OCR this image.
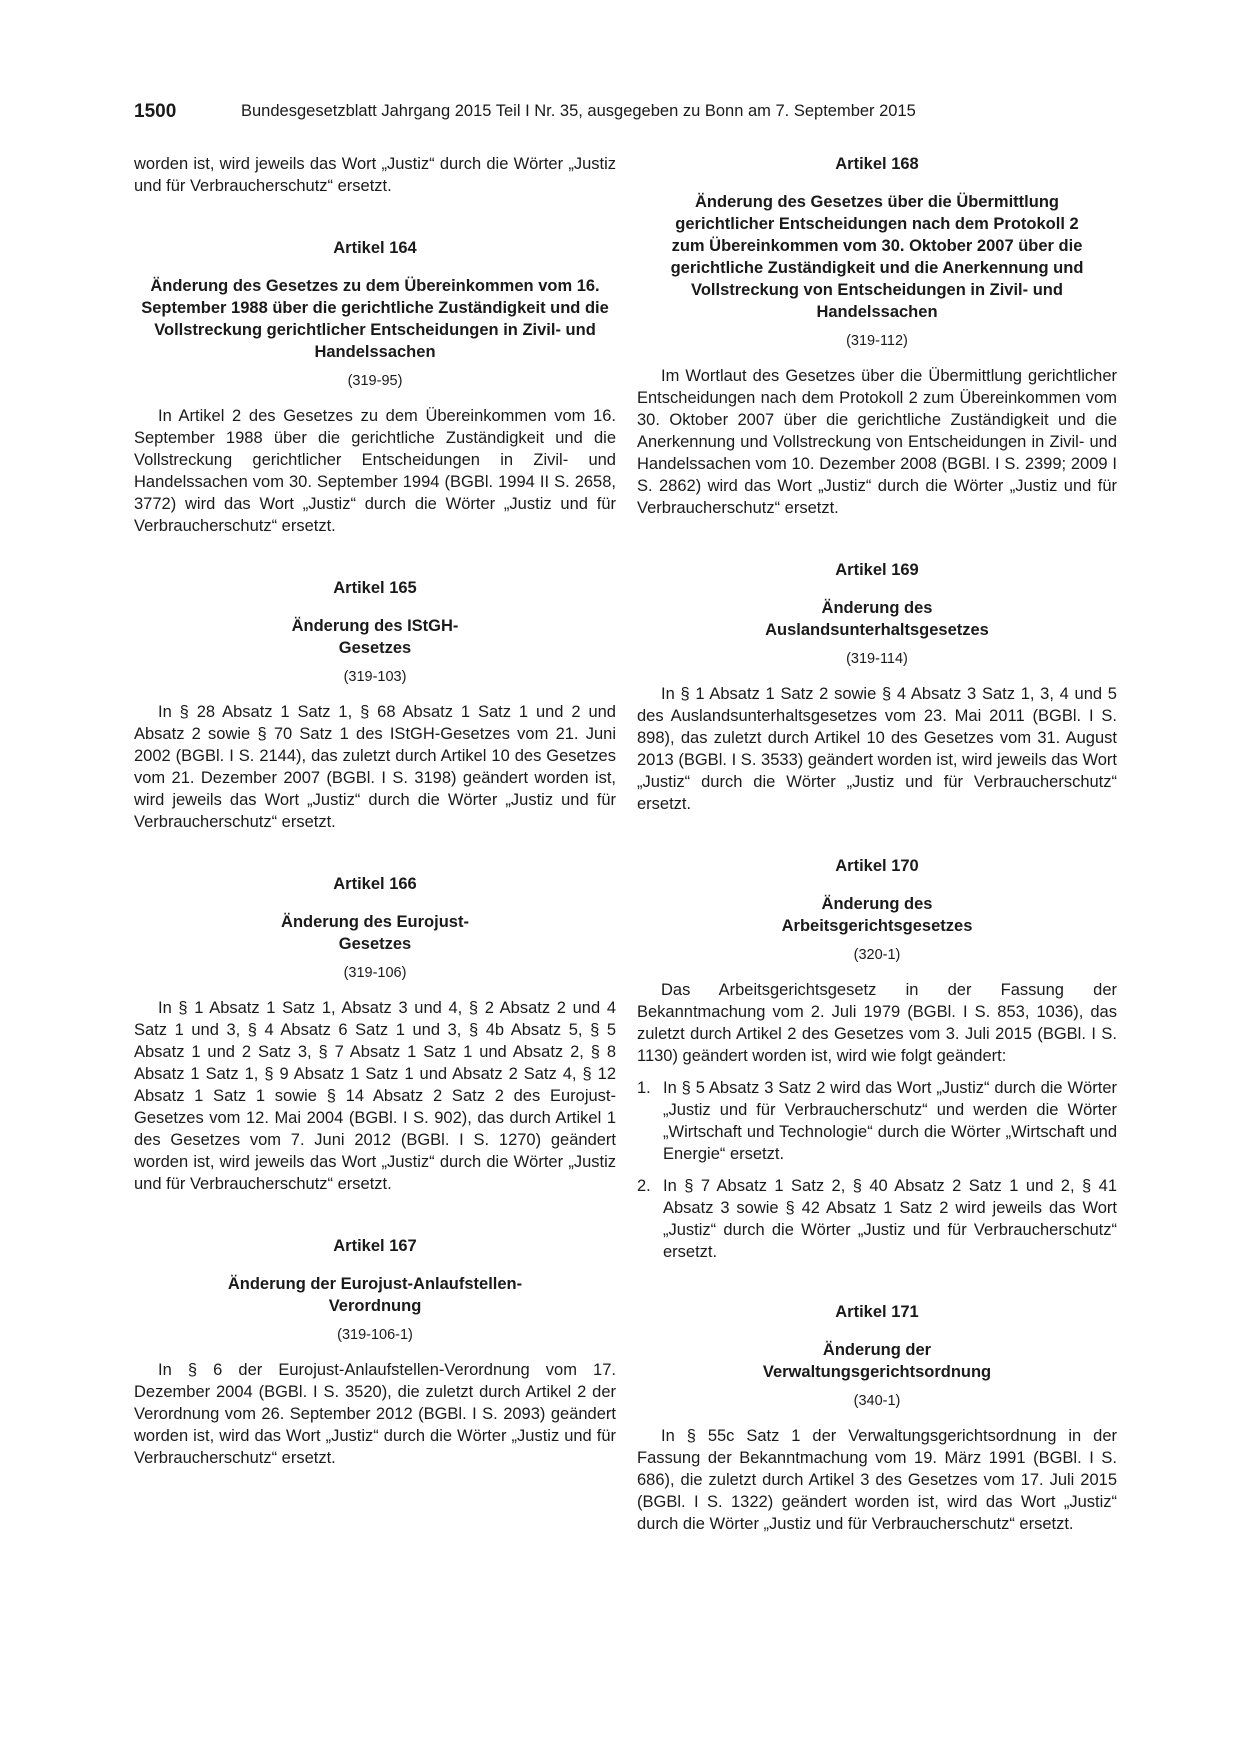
1500	Bundesgesetzblatt Jahrgang 2015 Teil I Nr. 35, ausgegeben zu Bonn am 7. September 2015

worden ist, wird jeweils das Wort „Justiz“ durch die Wörter „Justiz und für Verbraucherschutz“ ersetzt.

Artikel 164
Änderung des Gesetzes zu dem Übereinkommen vom 16. September 1988 über die gerichtliche Zuständigkeit und die Vollstreckung gerichtlicher Entscheidungen in Zivil- und Handelssachen
(319-95)

In Artikel 2 des Gesetzes zu dem Übereinkommen vom 16. September 1988 über die gerichtliche Zuständigkeit und die Vollstreckung gerichtlicher Entscheidungen in Zivil- und Handelssachen vom 30. September 1994 (BGBl. 1994 II S. 2658, 3772) wird das Wort „Justiz“ durch die Wörter „Justiz und für Verbraucherschutz“ ersetzt.

Artikel 165
Änderung des IStGH-Gesetzes
(319-103)

In § 28 Absatz 1 Satz 1, § 68 Absatz 1 Satz 1 und 2 und Absatz 2 sowie § 70 Satz 1 des IStGH-Gesetzes vom 21. Juni 2002 (BGBl. I S. 2144), das zuletzt durch Artikel 10 des Gesetzes vom 21. Dezember 2007 (BGBl. I S. 3198) geändert worden ist, wird jeweils das Wort „Justiz“ durch die Wörter „Justiz und für Verbraucherschutz“ ersetzt.

Artikel 166
Änderung des Eurojust-Gesetzes
(319-106)

In § 1 Absatz 1 Satz 1, Absatz 3 und 4, § 2 Absatz 2 und 4 Satz 1 und 3, § 4 Absatz 6 Satz 1 und 3, § 4b Absatz 5, § 5 Absatz 1 und 2 Satz 3, § 7 Absatz 1 Satz 1 und Absatz 2, § 8 Absatz 1 Satz 1, § 9 Absatz 1 Satz 1 und Absatz 2 Satz 4, § 12 Absatz 1 Satz 1 sowie § 14 Absatz 2 Satz 2 des Eurojust-Gesetzes vom 12. Mai 2004 (BGBl. I S. 902), das durch Artikel 1 des Gesetzes vom 7. Juni 2012 (BGBl. I S. 1270) geändert worden ist, wird jeweils das Wort „Justiz“ durch die Wörter „Justiz und für Verbraucherschutz“ ersetzt.

Artikel 167
Änderung der Eurojust-Anlaufstellen-Verordnung
(319-106-1)

In § 6 der Eurojust-Anlaufstellen-Verordnung vom 17. Dezember 2004 (BGBl. I S. 3520), die zuletzt durch Artikel 2 der Verordnung vom 26. September 2012 (BGBl. I S. 2093) geändert worden ist, wird das Wort „Justiz“ durch die Wörter „Justiz und für Verbraucherschutz“ ersetzt.

Artikel 168
Änderung des Gesetzes über die Übermittlung gerichtlicher Entscheidungen nach dem Protokoll 2 zum Übereinkommen vom 30. Oktober 2007 über die gerichtliche Zuständigkeit und die Anerkennung und Vollstreckung von Entscheidungen in Zivil- und Handelssachen
(319-112)

Im Wortlaut des Gesetzes über die Übermittlung gerichtlicher Entscheidungen nach dem Protokoll 2 zum Übereinkommen vom 30. Oktober 2007 über die gerichtliche Zuständigkeit und die Anerkennung und Vollstreckung von Entscheidungen in Zivil- und Handelssachen vom 10. Dezember 2008 (BGBl. I S. 2399; 2009 I S. 2862) wird das Wort „Justiz“ durch die Wörter „Justiz und für Verbraucherschutz“ ersetzt.

Artikel 169
Änderung des Auslandsunterhaltsgesetzes
(319-114)

In § 1 Absatz 1 Satz 2 sowie § 4 Absatz 3 Satz 1, 3, 4 und 5 des Auslandsunterhaltsgesetzes vom 23. Mai 2011 (BGBl. I S. 898), das zuletzt durch Artikel 10 des Gesetzes vom 31. August 2013 (BGBl. I S. 3533) geändert worden ist, wird jeweils das Wort „Justiz“ durch die Wörter „Justiz und für Verbraucherschutz“ ersetzt.

Artikel 170
Änderung des Arbeitsgerichtsgesetzes
(320-1)

Das Arbeitsgerichtsgesetz in der Fassung der Bekanntmachung vom 2. Juli 1979 (BGBl. I S. 853, 1036), das zuletzt durch Artikel 2 des Gesetzes vom 3. Juli 2015 (BGBl. I S. 1130) geändert worden ist, wird wie folgt geändert:

1. In § 5 Absatz 3 Satz 2 wird das Wort „Justiz“ durch die Wörter „Justiz und für Verbraucherschutz“ und werden die Wörter „Wirtschaft und Technologie“ durch die Wörter „Wirtschaft und Energie“ ersetzt.
2. In § 7 Absatz 1 Satz 2, § 40 Absatz 2 Satz 1 und 2, § 41 Absatz 3 sowie § 42 Absatz 1 Satz 2 wird jeweils das Wort „Justiz“ durch die Wörter „Justiz und für Verbraucherschutz“ ersetzt.
Artikel 171
Änderung der Verwaltungsgerichtsordnung
(340-1)

In § 55c Satz 1 der Verwaltungsgerichtsordnung in der Fassung der Bekanntmachung vom 19. März 1991 (BGBl. I S. 686), die zuletzt durch Artikel 3 des Gesetzes vom 17. Juli 2015 (BGBl. I S. 1322) geändert worden ist, wird das Wort „Justiz“ durch die Wörter „Justiz und für Verbraucherschutz“ ersetzt.
